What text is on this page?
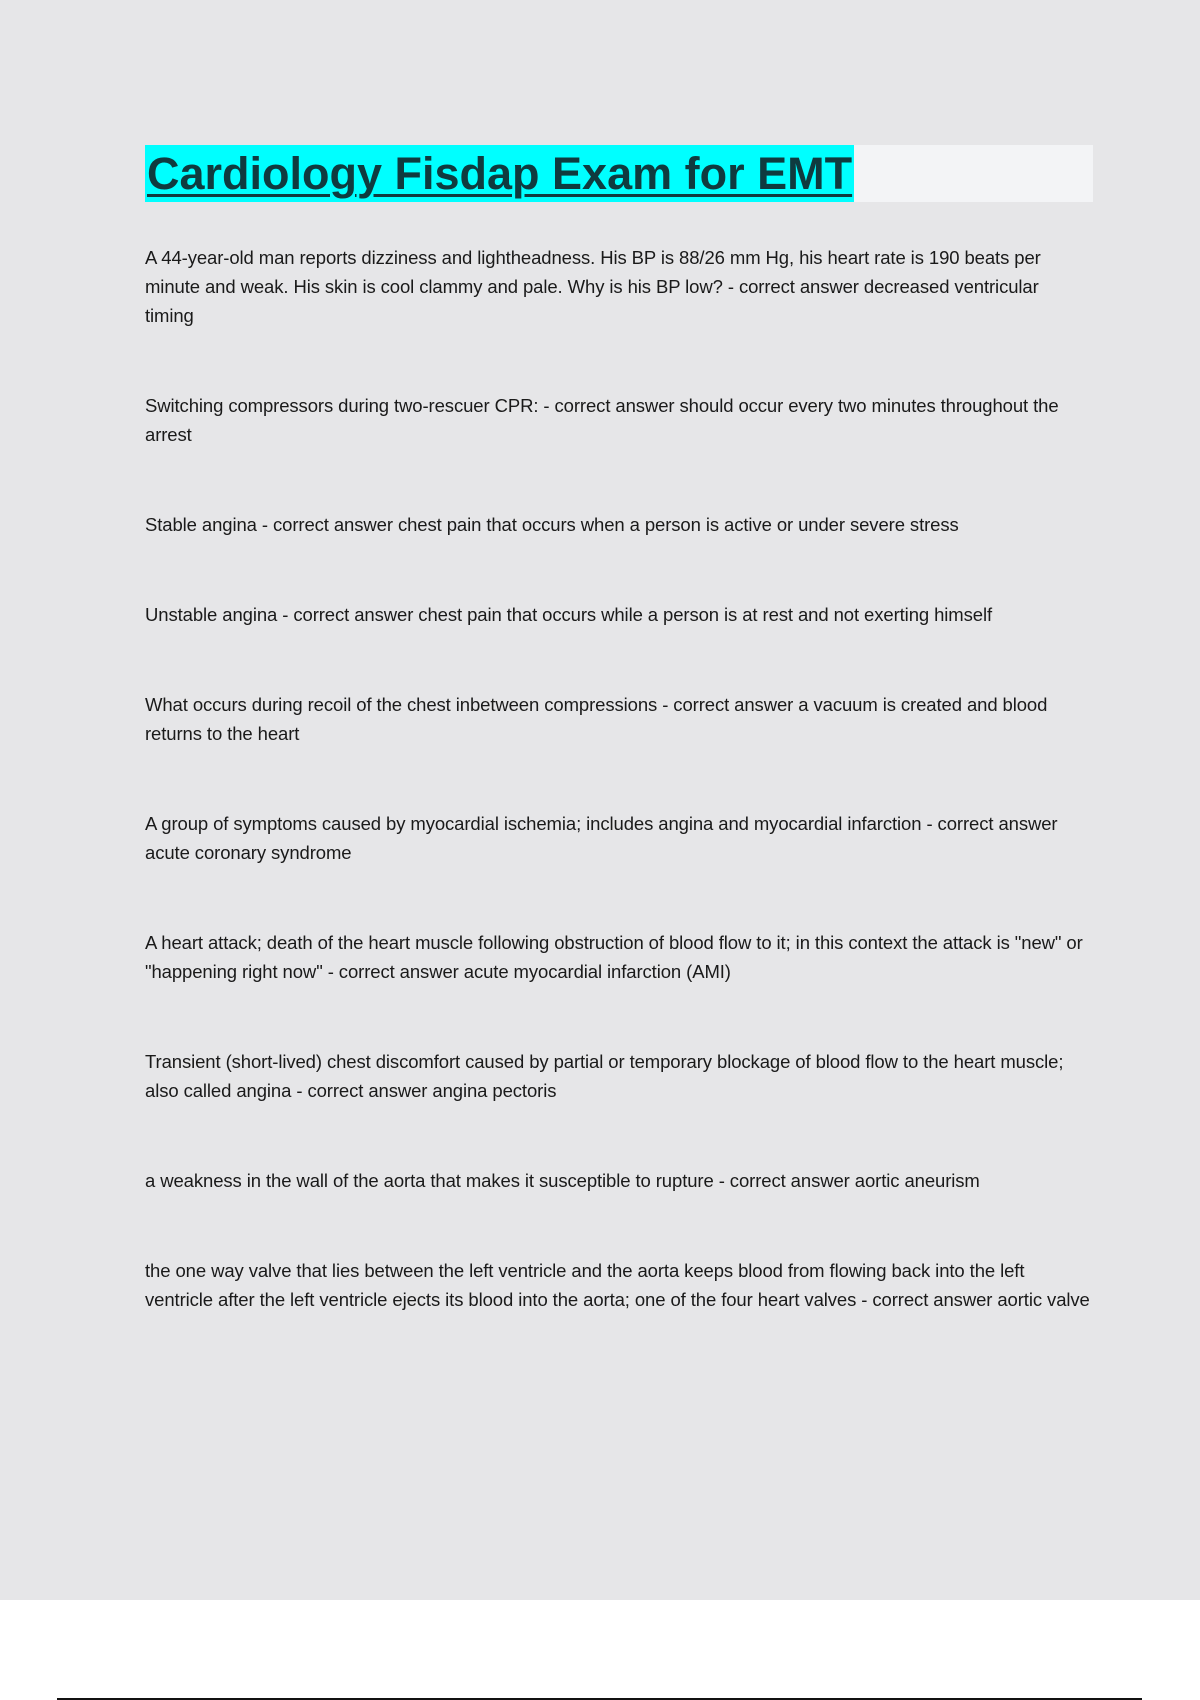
Cardiology Fisdap Exam for EMT
A 44-year-old man reports dizziness and lightheadness. His BP is 88/26 mm Hg, his heart rate is 190 beats per minute and weak. His skin is cool clammy and pale. Why is his BP low? - correct answer decreased ventricular timing
Switching compressors during two-rescuer CPR: - correct answer should occur every two minutes throughout the arrest
Stable angina - correct answer chest pain that occurs when a person is active or under severe stress
Unstable angina - correct answer chest pain that occurs while a person is at rest and not exerting himself
What occurs during recoil of the chest inbetween compressions - correct answer a vacuum is created and blood returns to the heart
A group of symptoms caused by myocardial ischemia; includes angina and myocardial infarction - correct answer acute coronary syndrome
A heart attack; death of the heart muscle following obstruction of blood flow to it; in this context the attack is "new" or "happening right now" - correct answer acute myocardial infarction (AMI)
Transient (short-lived) chest discomfort caused by partial or temporary blockage of blood flow to the heart muscle; also called angina - correct answer angina pectoris
a weakness in the wall of the aorta that makes it susceptible to rupture - correct answer aortic aneurism
the one way valve that lies between the left ventricle and the aorta keeps blood from flowing back into the left ventricle after the left ventricle ejects its blood into the aorta; one of the four heart valves - correct answer aortic valve
